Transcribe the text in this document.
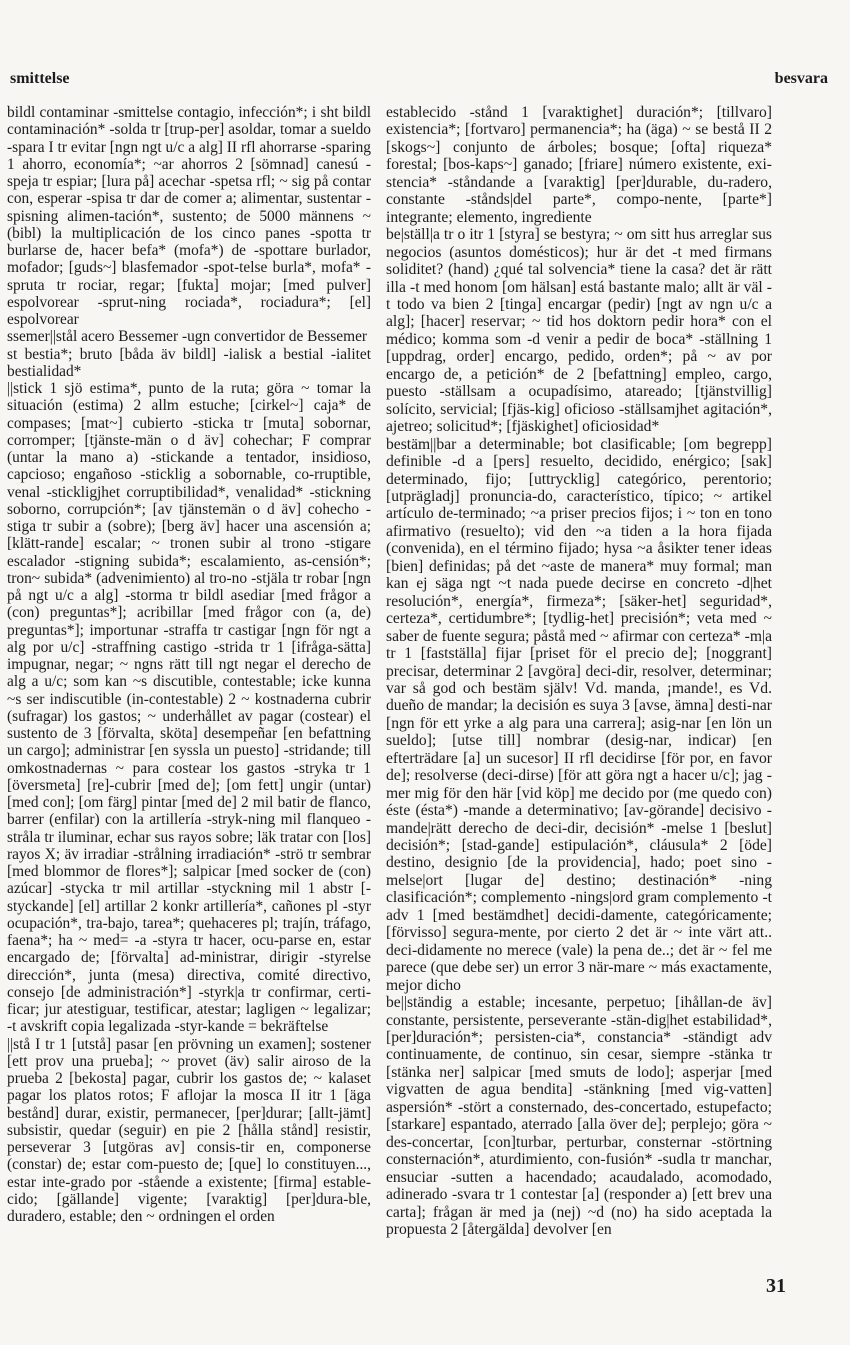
smittelse	besvara

bildl contaminar -smittelse contagio, infección*; i sht bildl contaminación* -solda tr [trup-per] asoldar, tomar a sueldo -spara I tr evitar [ngn ngt u/c a alg] II rfl ahorrarse -sparing 1 ahorro, economía*; ~ar ahorros 2 [sömnad] canesú -speja tr espiar; [lura på] acechar -spetsa rfl; ~ sig på contar con, esperar -spisa tr dar de comer a; alimentar, sustentar -spisning alimen-tación*, sustento; de 5000 männens ~ (bibl) la multiplicación de los cinco panes -spotta tr burlarse de, hacer befa* (mofa*) de -spottare burlador, mofador; [guds~] blasfemador -spot-telse burla*, mofa* -spruta tr rociar, regar; [fukta] mojar; [med pulver] espolvorear -sprut-ning rociada*, rociadura*; [el] espolvorear

ssemer||stål acero Bessemer -ugn convertidor de Bessemer

st bestia*; bruto [båda äv bildl] -ialisk a bestial -ialitet bestialidad*

||stick 1 sjö estima*, punto de la ruta; göra ~ tomar la situación (estima) 2 allm estuche; [cirkel~] caja* de compases; [mat~] cubierto -sticka tr [muta] sobornar, corromper; [tjänste-män o d äv] cohechar; F comprar (untar la mano a) -stickande a tentador, insidioso, capcioso; engañoso -sticklig a sobornable, co-rruptible, venal -stickligjhet corruptibilidad*, venalidad* -stickning soborno, corrupción*; [av tjänstemän o d äv] cohecho -stiga tr subir a (sobre); [berg äv] hacer una ascensión a; [klätt-rande] escalar; ~ tronen subir al trono -stigare escalador -stigning subida*; escalamiento, as-censión*; tron~ subida* (advenimiento) al tro-no -stjäla tr robar [ngn på ngt u/c a alg] -storma tr bildl asediar [med frågor a (con) preguntas*]; acribillar [med frågor con (a, de) preguntas*]; importunar -straffa tr castigar [ngn för ngt a alg por u/c] -straffning castigo -strida tr 1 [ifråga-sätta] impugnar, negar; ~ ngns rätt till ngt negar el derecho de alg a u/c; som kan ~s discutible, contestable; icke kunna ~s ser indiscutible (in-contestable) 2 ~ kostnaderna cubrir (sufragar) los gastos; ~ underhållet av pagar (costear) el sustento de 3 [förvalta, sköta] desempeñar [en befattning un cargo]; administrar [en syssla un puesto] -stridande; till omkostnadernas ~ para costear los gastos -stryka tr 1 [översmeta] [re]-cubrir [med de]; [om fett] ungir (untar) [med con]; [om färg] pintar [med de] 2 mil batir de flanco, barrer (enfilar) con la artillería -stryk-ning mil flanqueo -stråla tr iluminar, echar sus rayos sobre; läk tratar con [los] rayos X; äv irradiar -strålning irradiación* -strö tr sembrar [med blommor de flores*]; salpicar [med socker de (con) azúcar] -stycka tr mil artillar -styckning mil 1 abstr [-styckande] [el] artillar 2 konkr artillería*, cañones pl -styr ocupación*, tra-bajo, tarea*; quehaceres pl; trajín, tráfago, faena*; ha ~ med= -a -styra tr hacer, ocu-parse en, estar encargado de; [förvalta] ad-ministrar, dirigir -styrelse dirección*, junta (mesa) directiva, comité directivo, consejo [de administración*] -styrk|a tr confirmar, certi-ficar; jur atestiguar, testificar, atestar; lagligen ~ legalizar; -t avskrift copia legalizada -styr-kande = bekräftelse

||stå I tr 1 [utstå] pasar [en prövning un examen]; sostener [ett prov una prueba]; ~ provet (äv) salir airoso de la prueba 2 [bekosta] pagar, cubrir los gastos de; ~ kalaset pagar los platos rotos; F aflojar la mosca II itr 1 [äga bestånd] durar, existir, permanecer, [per]durar; [allt-jämt] subsistir, quedar (seguir) en pie 2 [hålla stånd] resistir, perseverar 3 [utgöras av] consis-tir en, componerse (constar) de; estar com-puesto de; [que] lo constituyen..., estar inte-grado por -stående a existente; [firma] estable-cido; [gällande] vigente; [varaktig] [per]dura-ble, duradero, estable; den ~ ordningen el orden

establecido -stånd 1 [varaktighet] duración*; [tillvaro] existencia*; [fortvaro] permanencia*; ha (äga) ~ se bestå II 2 [skogs~] conjunto de árboles; bosque; [ofta] riqueza* forestal; [bos-kaps~] ganado; [friare] número existente, exi-stencia* -ståndande a [varaktig] [per]durable, du-radero, constante -stånds|del parte*, compo-nente, [parte*] integrante; elemento, ingrediente

be|ställ|a tr o itr 1 [styra] se bestyra; ~ om sitt hus arreglar sus negocios (asuntos domésticos); hur är det -t med firmans soliditet? (hand) ¿qué tal solvencia* tiene la casa? det är rätt illa -t med honom [om hälsan] está bastante malo; allt är väl -t todo va bien 2 [tinga] encargar (pedir) [ngt av ngn u/c a alg]; [hacer] reservar; ~ tid hos doktorn pedir hora* con el médico; komma som -d venir a pedir de boca* -ställning 1 [uppdrag, order] encargo, pedido, orden*; på ~ av por encargo de, a petición* de 2 [befattning] empleo, cargo, puesto -ställsam a ocupadísimo, atareado; [tjänstvillig] solícito, servicial; [fjäs-kig] oficioso -ställsamjhet agitación*, ajetreo; solicitud*; [fjäskighet] oficiosidad*

bestäm||bar a determinable; bot clasificable; [om begrepp] definible -d a [pers] resuelto, decidido, enérgico; [sak] determinado, fijo; [uttrycklig] categórico, perentorio; [utprägladj] pronuncia-do, característico, típico; ~ artikel artículo de-terminado; ~a priser precios fijos; i ~ ton en tono afirmativo (resuelto); vid den ~a tiden a la hora fijada (convenida), en el término fijado; hysa ~a åsikter tener ideas [bien] definidas; på det ~aste de manera* muy formal; man kan ej säga ngt ~t nada puede decirse en concreto -d|het resolución*, energía*, firmeza*; [säker-het] seguridad*, certeza*, certidumbre*; [tydlig-het] precisión*; veta med ~ saber de fuente segura; påstå med ~ afirmar con certeza* -m|a tr 1 [fastställa] fijar [priset för el precio de]; [noggrant] precisar, determinar 2 [avgöra] deci-dir, resolver, determinar; var så god och bestäm själv! Vd. manda, ¡mande!, es Vd. dueño de mandar; la decisión es suya 3 [avse, ämna] desti-nar [ngn för ett yrke a alg para una carrera]; asig-nar [en lön un sueldo]; [utse till] nombrar (desig-nar, indicar) [en efterträdare [a] un sucesor] II rfl decidirse [för por, en favor de]; resolverse (deci-dirse) [för att göra ngt a hacer u/c]; jag -mer mig för den här [vid köp] me decido por (me quedo con) éste (ésta*) -mande a determinativo; [av-görande] decisivo -mande|rätt derecho de deci-dir, decisión* -melse 1 [beslut] decisión*; [stad-gande] estipulación*, cláusula* 2 [öde] destino, designio [de la providencia], hado; poet sino -melse|ort [lugar de] destino; destinación* -ning clasificación*; complemento -nings|ord gram complemento -t adv 1 [med bestämdhet] decidi-damente, categóricamente; [förvisso] segura-mente, por cierto 2 det är ~ inte värt att.. deci-didamente no merece (vale) la pena de..; det är ~ fel me parece (que debe ser) un error 3 när-mare ~ más exactamente, mejor dicho

be||ständig a estable; incesante, perpetuo; [ihållan-de äv] constante, persistente, perseverante -stän-dig|het estabilidad*, [per]duración*; persisten-cia*, constancia* -ständigt adv continuamente, de continuo, sin cesar, siempre -stänka tr [stänka ner] salpicar [med smuts de lodo]; asperjar [med vigvatten de agua bendita] -stänkning [med vig-vatten] aspersión* -stört a consternado, des-concertado, estupefacto; [starkare] espantado, aterrado [alla över de]; perplejo; göra ~ des-concertar, [con]turbar, perturbar, consternar -störtning consternación*, aturdimiento, con-fusión* -sudla tr manchar, ensuciar -sutten a hacendado; acaudalado, acomodado, adinerado -svara tr 1 contestar [a] (responder a) [ett brev una carta]; frågan är med ja (nej) ~d (no) ha sido aceptada la propuesta 2 [återgälda] devolver [en

31
